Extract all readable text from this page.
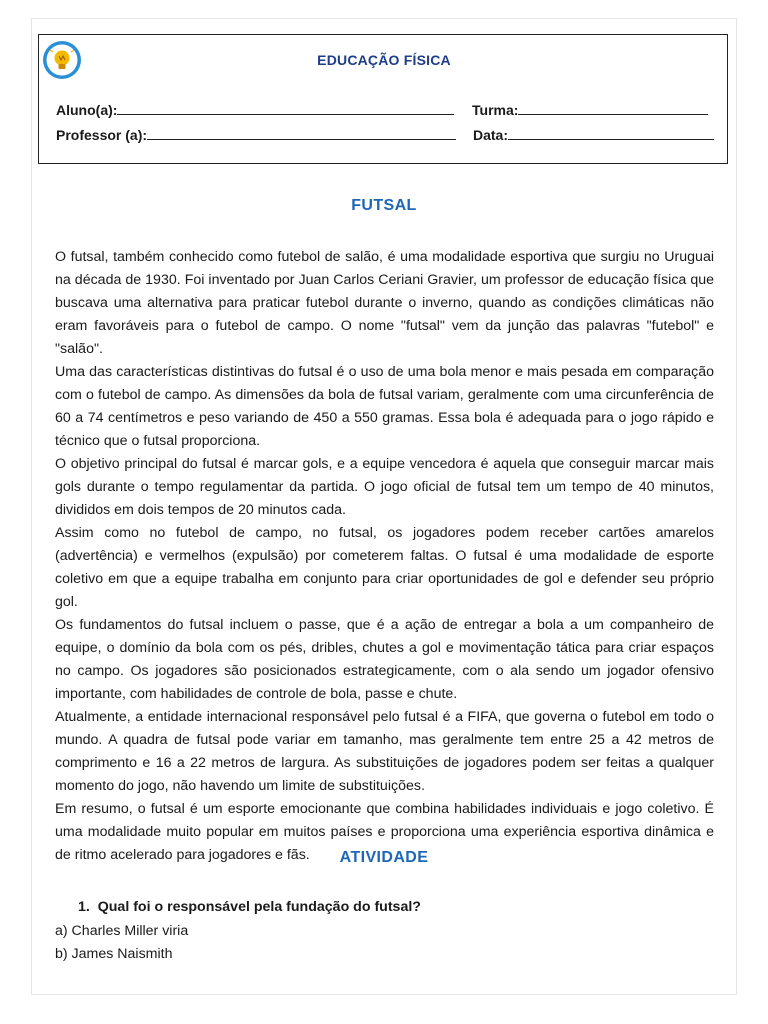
EDUCAÇÃO FÍSICA
Aluno(a):	Turma:
Professor (a):	Data:
FUTSAL

O futsal, também conhecido como futebol de salão, é uma modalidade esportiva que surgiu no Uruguai na década de 1930. Foi inventado por Juan Carlos Ceriani Gravier, um professor de educação física que buscava uma alternativa para praticar futebol durante o inverno, quando as condições climáticas não eram favoráveis para o futebol de campo. O nome "futsal" vem da junção das palavras "futebol" e "salão".

Uma das características distintivas do futsal é o uso de uma bola menor e mais pesada em comparação com o futebol de campo. As dimensões da bola de futsal variam, geralmente com uma circunferência de 60 a 74 centímetros e peso variando de 450 a 550 gramas. Essa bola é adequada para o jogo rápido e técnico que o futsal proporciona.

O objetivo principal do futsal é marcar gols, e a equipe vencedora é aquela que conseguir marcar mais gols durante o tempo regulamentar da partida. O jogo oficial de futsal tem um tempo de 40 minutos, divididos em dois tempos de 20 minutos cada.

Assim como no futebol de campo, no futsal, os jogadores podem receber cartões amarelos (advertência) e vermelhos (expulsão) por cometerem faltas. O futsal é uma modalidade de esporte coletivo em que a equipe trabalha em conjunto para criar oportunidades de gol e defender seu próprio gol.

Os fundamentos do futsal incluem o passe, que é a ação de entregar a bola a um companheiro de equipe, o domínio da bola com os pés, dribles, chutes a gol e movimentação tática para criar espaços no campo. Os jogadores são posicionados estrategicamente, com o ala sendo um jogador ofensivo importante, com habilidades de controle de bola, passe e chute.

Atualmente, a entidade internacional responsável pelo futsal é a FIFA, que governa o futebol em todo o mundo. A quadra de futsal pode variar em tamanho, mas geralmente tem entre 25 a 42 metros de comprimento e 16 a 22 metros de largura. As substituições de jogadores podem ser feitas a qualquer momento do jogo, não havendo um limite de substituições.

Em resumo, o futsal é um esporte emocionante que combina habilidades individuais e jogo coletivo. É uma modalidade muito popular em muitos países e proporciona uma experiência esportiva dinâmica e de ritmo acelerado para jogadores e fãs.	ATIVIDADE
1. Qual foi o responsável pela fundação do futsal?
a) Charles Miller viria
b) James Naismith
